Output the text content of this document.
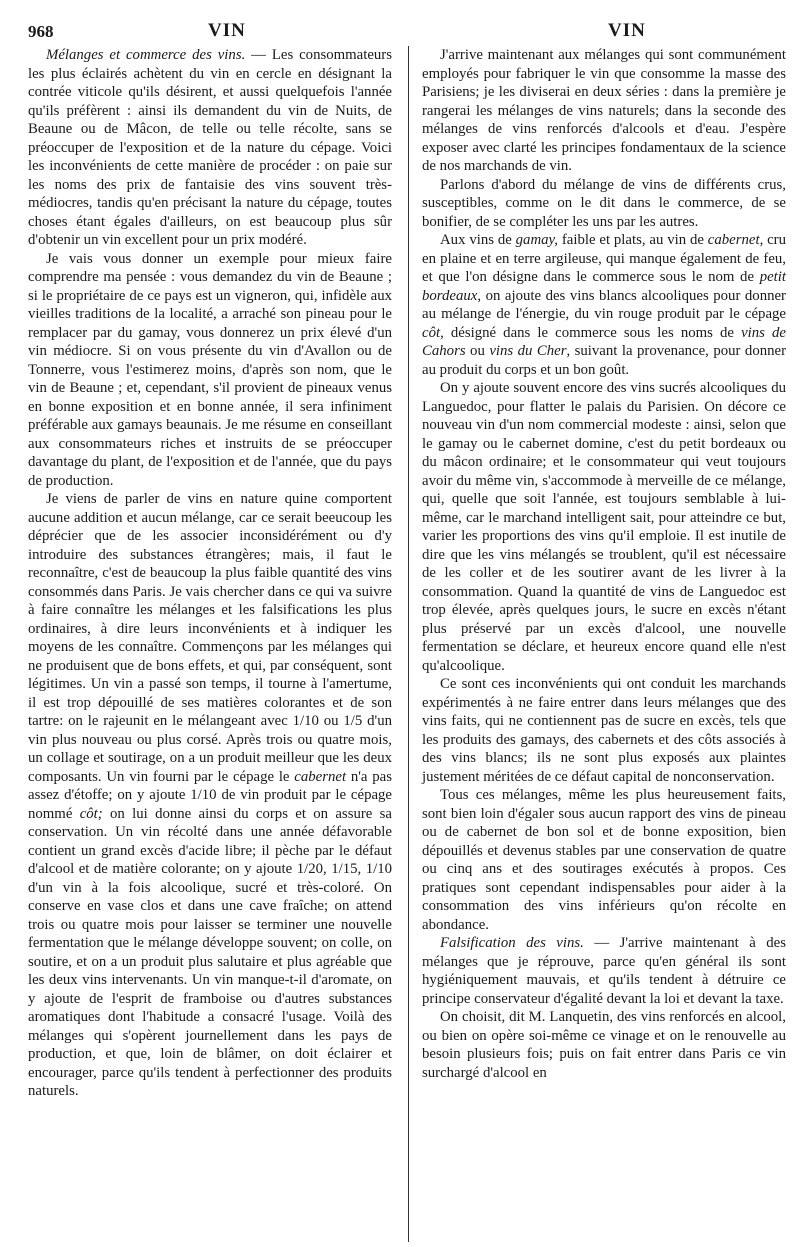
968	VIN	VIN

Mélanges et commerce des vins. — Les consommateurs les plus éclairés achètent du vin en cercle en désignant la contrée viticole qu'ils désirent, et aussi quelquefois l'année qu'ils préfèrent : ainsi ils demandent du vin de Nuits, de Beaune ou de Mâcon, de telle ou telle récolte, sans se préoccuper de l'exposition et de la nature du cépage. Voici les inconvénients de cette manière de procéder : on paie sur les noms des prix de fantaisie des vins souvent très-médiocres, tandis qu'en précisant la nature du cépage, toutes choses étant égales d'ailleurs, on est beaucoup plus sûr d'obtenir un vin excellent pour un prix modéré.

Je vais vous donner un exemple pour mieux faire comprendre ma pensée : vous demandez du vin de Beaune ; si le propriétaire de ce pays est un vigneron, qui, infidèle aux vieilles traditions de la localité, a arraché son pineau pour le remplacer par du gamay, vous donnerez un prix élevé d'un vin médiocre. Si on vous présente du vin d'Avallon ou de Tonnerre, vous l'estimerez moins, d'après son nom, que le vin de Beaune ; et, cependant, s'il provient de pineaux venus en bonne exposition et en bonne année, il sera infiniment préférable aux gamays beaunais. Je me résume en conseillant aux consommateurs riches et instruits de se préoccuper davantage du plant, de l'exposition et de l'année, que du pays de production.

Je viens de parler de vins en nature quine comportent aucune addition et aucun mélange, car ce serait beeucoup les déprécier que de les associer inconsidérément ou d'y introduire des substances étrangères; mais, il faut le reconnaître, c'est de beaucoup la plus faible quantité des vins consommés dans Paris. Je vais chercher dans ce qui va suivre à faire connaître les mélanges et les falsifications les plus ordinaires, à dire leurs inconvénients et à indiquer les moyens de les connaître. Commençons par les mélanges qui ne produisent que de bons effets, et qui, par conséquent, sont légitimes. Un vin a passé son temps, il tourne à l'amertume, il est trop dépouillé de ses matières colorantes et de son tartre: on le rajeunit en le mélangeant avec 1/10 ou 1/5 d'un vin plus nouveau ou plus corsé. Après trois ou quatre mois, un collage et soutirage, on a un produit meilleur que les deux composants. Un vin fourni par le cépage le cabernet n'a pas assez d'étoffe; on y ajoute 1/10 de vin produit par le cépage nommé côt; on lui donne ainsi du corps et on assure sa conservation. Un vin récolté dans une année défavorable contient un grand excès d'acide libre; il pèche par le défaut d'alcool et de matière colorante; on y ajoute 1/20, 1/15, 1/10 d'un vin à la fois alcoolique, sucré et très-coloré. On conserve en vase clos et dans une cave fraîche; on attend trois ou quatre mois pour laisser se terminer une nouvelle fermentation que le mélange développe souvent; on colle, on soutire, et on a un produit plus salutaire et plus agréable que les deux vins intervenants. Un vin manque-t-il d'aromate, on y ajoute de l'esprit de framboise ou d'autres substances aromatiques dont l'habitude a consacré l'usage. Voilà des mélanges qui s'opèrent journellement dans les pays de production, et que, loin de blâmer, on doit éclairer et encourager, parce qu'ils tendent à perfectionner des produits naturels.

J'arrive maintenant aux mélanges qui sont communément employés pour fabriquer le vin que consomme la masse des Parisiens; je les diviserai en deux séries : dans la première je rangerai les mélanges de vins naturels; dans la seconde des mélanges de vins renforcés d'alcools et d'eau. J'espère exposer avec clarté les principes fondamentaux de la science de nos marchands de vin.

Parlons d'abord du mélange de vins de différents crus, susceptibles, comme on le dit dans le commerce, de se bonifier, de se compléter les uns par les autres.

Aux vins de gamay, faible et plats, au vin de cabernet, cru en plaine et en terre argileuse, qui manque également de feu, et que l'on désigne dans le commerce sous le nom de petit bordeaux, on ajoute des vins blancs alcooliques pour donner au mélange de l'énergie, du vin rouge produit par le cépage côt, désigné dans le commerce sous les noms de vins de Cahors ou vins du Cher, suivant la provenance, pour donner au produit du corps et un bon goût.

On y ajoute souvent encore des vins sucrés alcooliques du Languedoc, pour flatter le palais du Parisien. On décore ce nouveau vin d'un nom commercial modeste : ainsi, selon que le gamay ou le cabernet domine, c'est du petit bordeaux ou du mâcon ordinaire; et le consommateur qui veut toujours avoir du même vin, s'accommode à merveille de ce mélange, qui, quelle que soit l'année, est toujours semblable à lui-même, car le marchand intelligent sait, pour atteindre ce but, varier les proportions des vins qu'il emploie. Il est inutile de dire que les vins mélangés se troublent, qu'il est nécessaire de les coller et de les soutirer avant de les livrer à la consommation. Quand la quantité de vins de Languedoc est trop élevée, après quelques jours, le sucre en excès n'étant plus préservé par un excès d'alcool, une nouvelle fermentation se déclare, et heureux encore quand elle n'est qu'alcoolique.

Ce sont ces inconvénients qui ont conduit les marchands expérimentés à ne faire entrer dans leurs mélanges que des vins faits, qui ne contiennent pas de sucre en excès, tels que les produits des gamays, des cabernets et des côts associés à des vins blancs; ils ne sont plus exposés aux plaintes justement méritées de ce défaut capital de nonconservation.

Tous ces mélanges, même les plus heureusement faits, sont bien loin d'égaler sous aucun rapport des vins de pineau ou de cabernet de bon sol et de bonne exposition, bien dépouillés et devenus stables par une conservation de quatre ou cinq ans et des soutirages exécutés à propos. Ces pratiques sont cependant indispensables pour aider à la consommation des vins inférieurs qu'on récolte en abondance.

Falsification des vins. — J'arrive maintenant à des mélanges que je réprouve, parce qu'en général ils sont hygiéniquement mauvais, et qu'ils tendent à détruire ce principe conservateur d'égalité devant la loi et devant la taxe.

On choisit, dit M. Lanquetin, des vins renforcés en alcool, ou bien on opère soi-même ce vinage et on le renouvelle au besoin plusieurs fois; puis on fait entrer dans Paris ce vin surchargé d'alcool en
